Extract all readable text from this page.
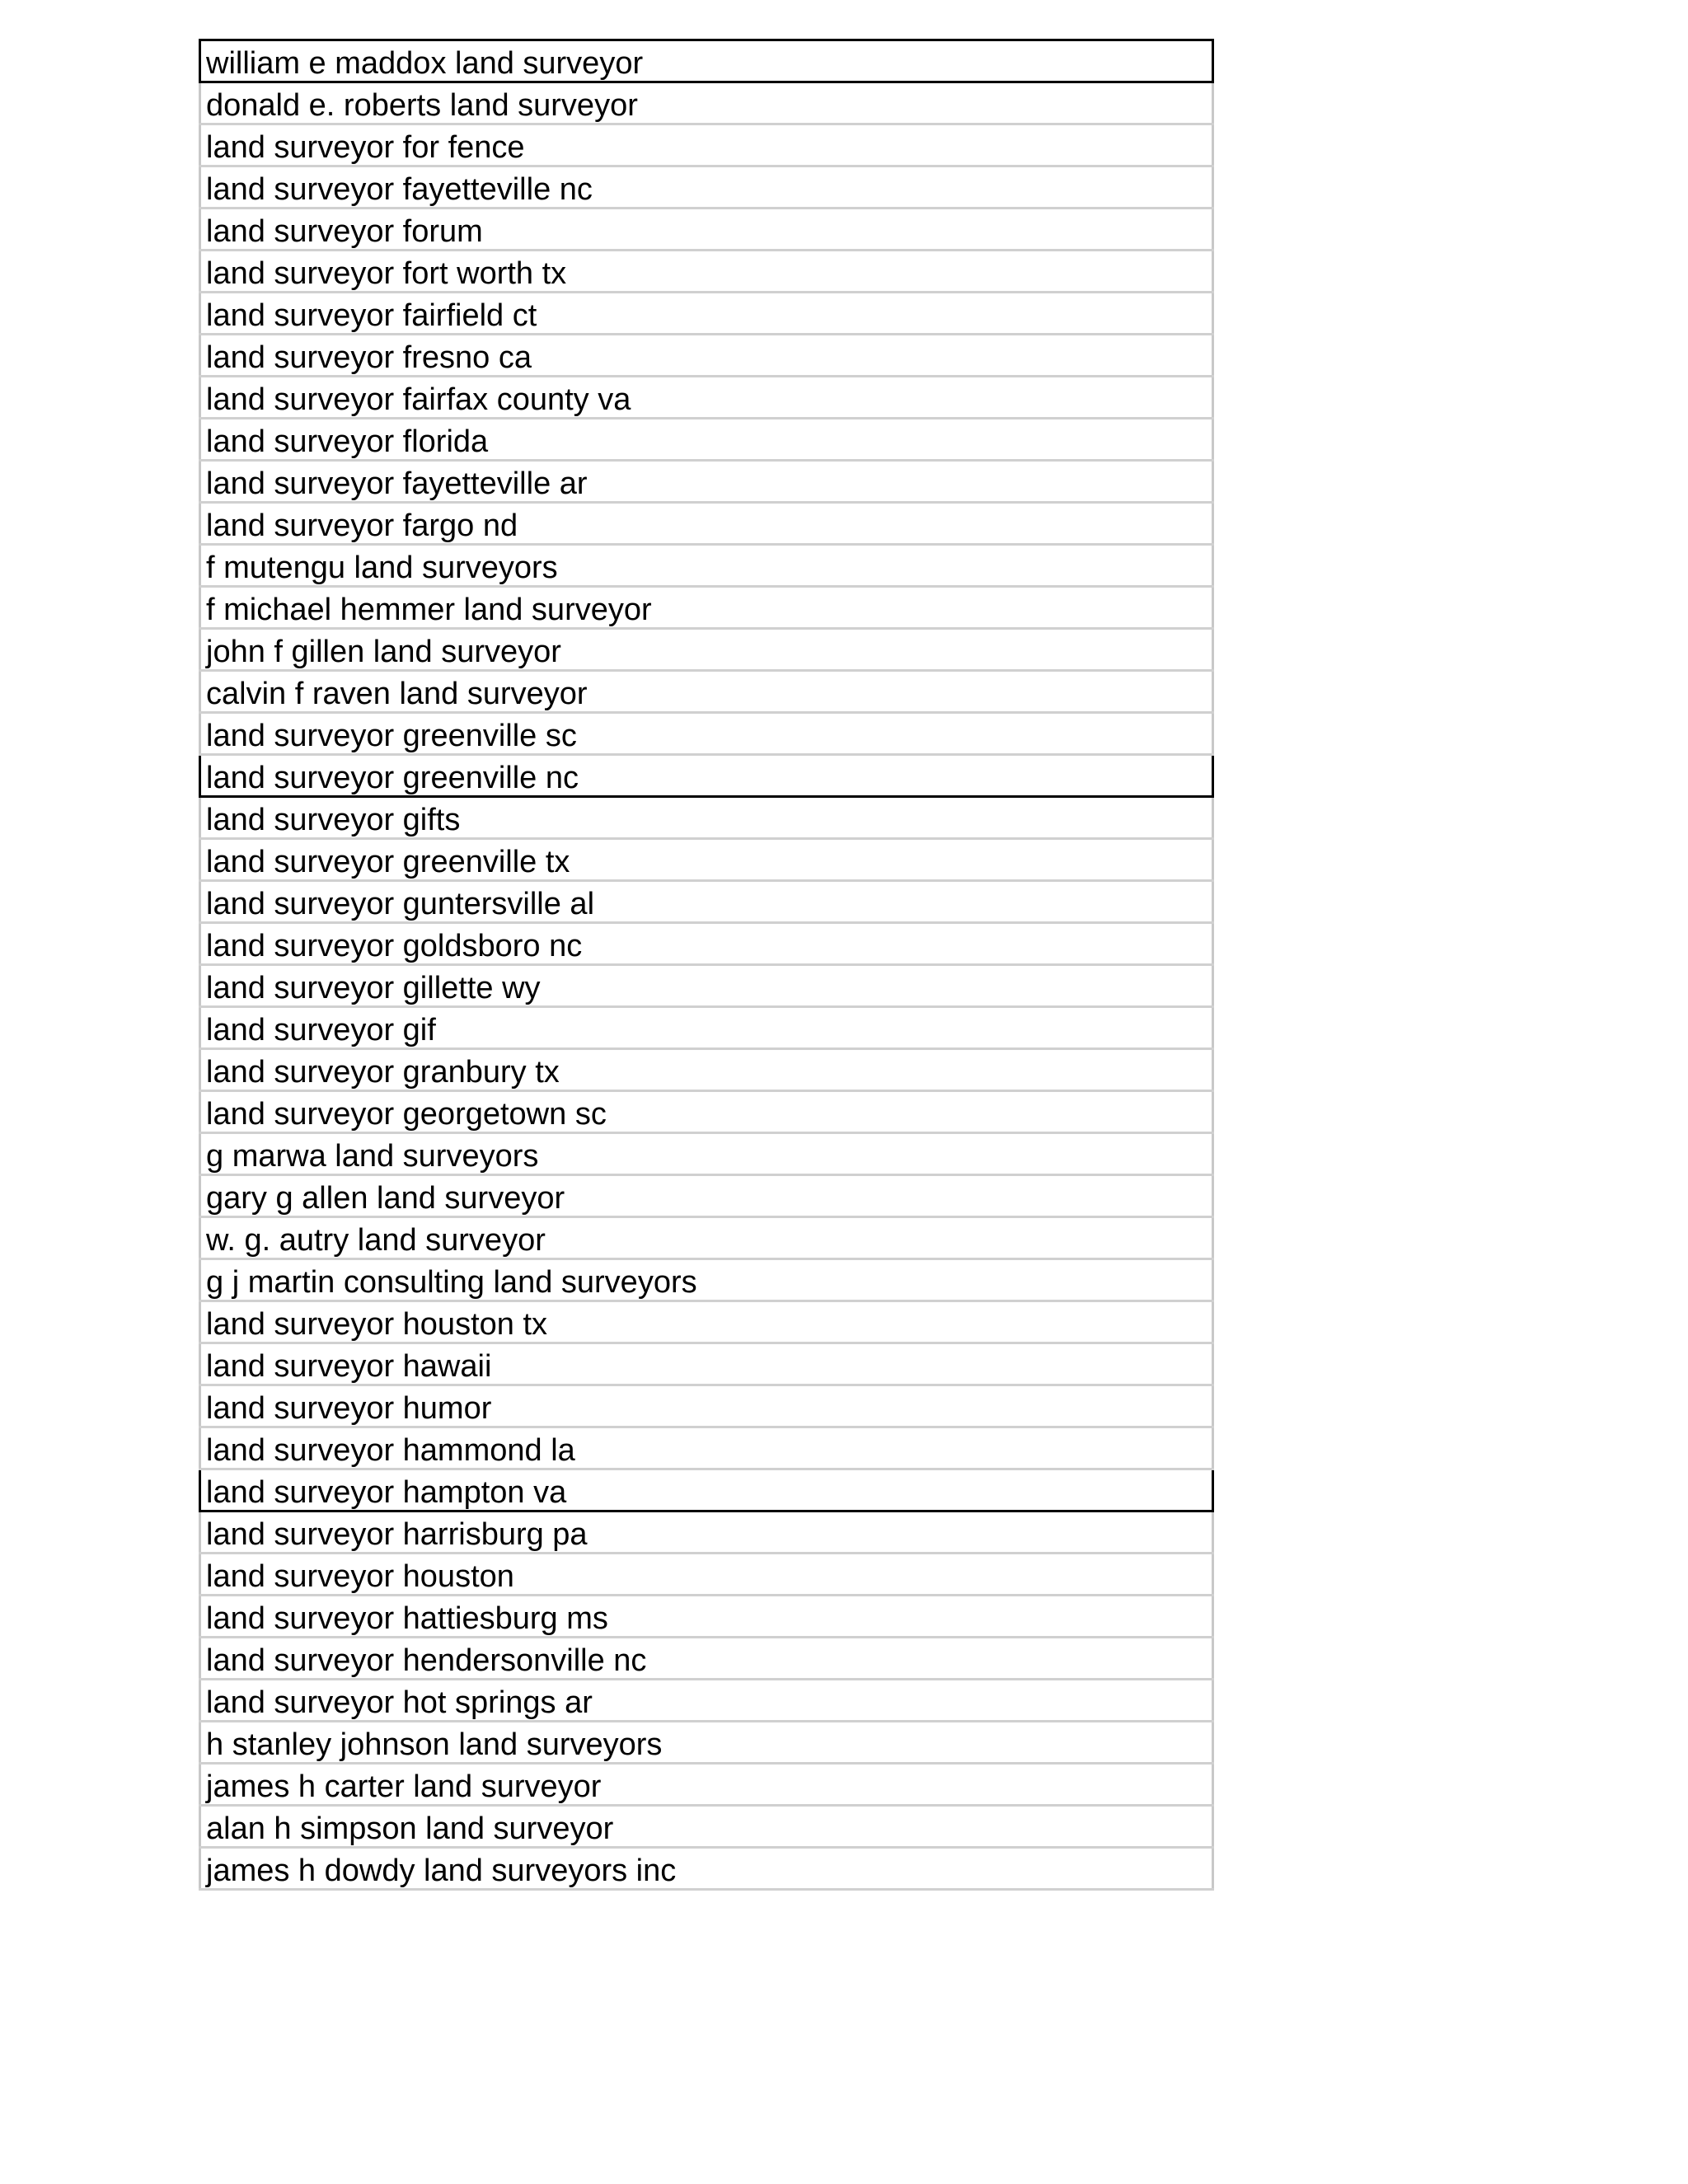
william e maddox land surveyor
donald e. roberts land surveyor
land surveyor for fence
land surveyor fayetteville nc
land surveyor forum
land surveyor fort worth tx
land surveyor fairfield ct
land surveyor fresno ca
land surveyor fairfax county va
land surveyor florida
land surveyor fayetteville ar
land surveyor fargo nd
f mutengu land surveyors
f michael hemmer land surveyor
john f gillen land surveyor
calvin f raven land surveyor
land surveyor greenville sc
land surveyor greenville nc
land surveyor gifts
land surveyor greenville tx
land surveyor guntersville al
land surveyor goldsboro nc
land surveyor gillette wy
land surveyor gif
land surveyor granbury tx
land surveyor georgetown sc
g marwa land surveyors
gary g allen land surveyor
w. g. autry land surveyor
g j martin consulting land surveyors
land surveyor houston tx
land surveyor hawaii
land surveyor humor
land surveyor hammond la
land surveyor hampton va
land surveyor harrisburg pa
land surveyor houston
land surveyor hattiesburg ms
land surveyor hendersonville nc
land surveyor hot springs ar
h stanley johnson land surveyors
james h carter land surveyor
alan h simpson land surveyor
james h dowdy land surveyors inc
